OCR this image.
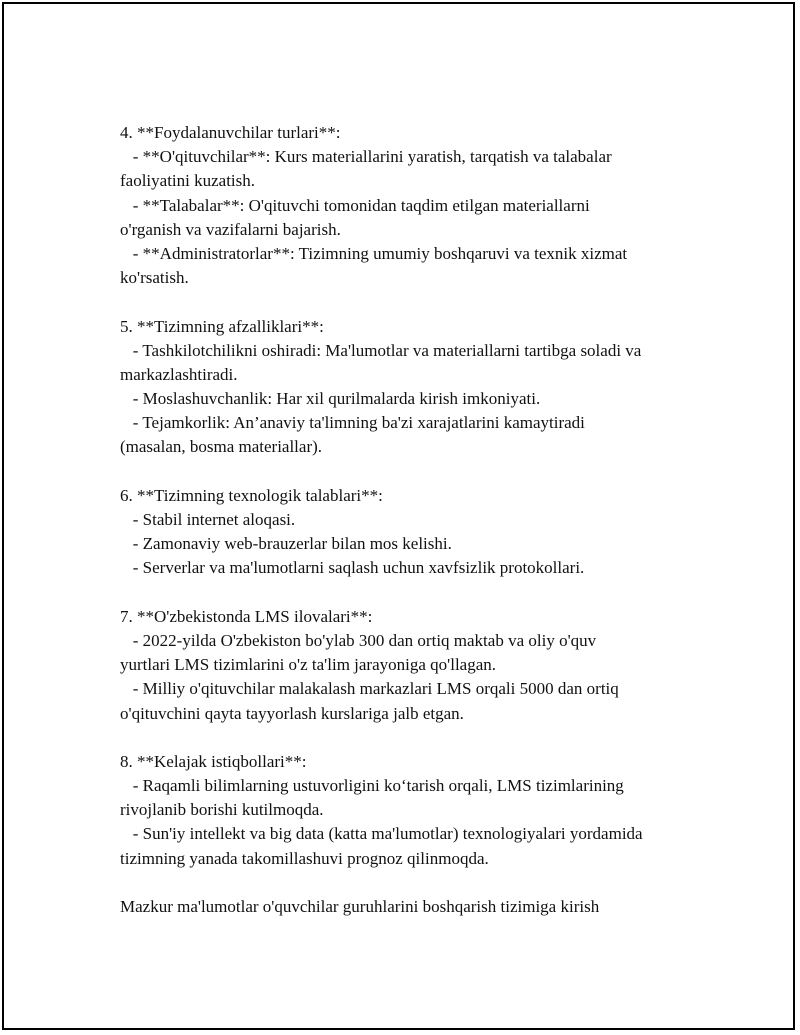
4. **Foydalanuvchilar turlari**:
- **O'qituvchilar**: Kurs materiallarini yaratish, tarqatish va talabalar
faoliyatini kuzatish.
- **Talabalar**: O'qituvchi tomonidan taqdim etilgan materiallarni
o'rganish va vazifalarni bajarish.
- **Administratorlar**: Tizimning umumiy boshqaruvi va texnik xizmat
ko'rsatish.
5. **Tizimning afzalliklari**:
- Tashkilotchilikni oshiradi: Ma'lumotlar va materiallarni tartibga soladi va
markazlashtiradi.
- Moslashuvchanlik: Har xil qurilmalarda kirish imkoniyati.
- Tejamkorlik: An’anaviy ta'limning ba'zi xarajatlarini kamaytiradi
(masalan, bosma materiallar).
6. **Tizimning texnologik talablari**:
- Stabil internet aloqasi.
- Zamonaviy web-brauzerlar bilan mos kelishi.
- Serverlar va ma'lumotlarni saqlash uchun xavfsizlik protokollari.
7. **O'zbekistonda LMS ilovalari**:
- 2022-yilda O'zbekiston bo'ylab 300 dan ortiq maktab va oliy o'quv
yurtlari LMS tizimlarini o'z ta'lim jarayoniga qo'llagan.
- Milliy o'qituvchilar malakalash markazlari LMS orqali 5000 dan ortiq
o'qituvchini qayta tayyorlash kurslariga jalb etgan.
8. **Kelajak istiqbollari**:
- Raqamli bilimlarning ustuvorligini ko‘tarish orqali, LMS tizimlarining
rivojlanib borishi kutilmoqda.
- Sun'iy intellekt va big data (katta ma'lumotlar) texnologiyalari yordamida
tizimning yanada takomillashuvi prognoz qilinmoqda.
Mazkur ma'lumotlar o'quvchilar guruhlarini boshqarish tizimiga kirish
